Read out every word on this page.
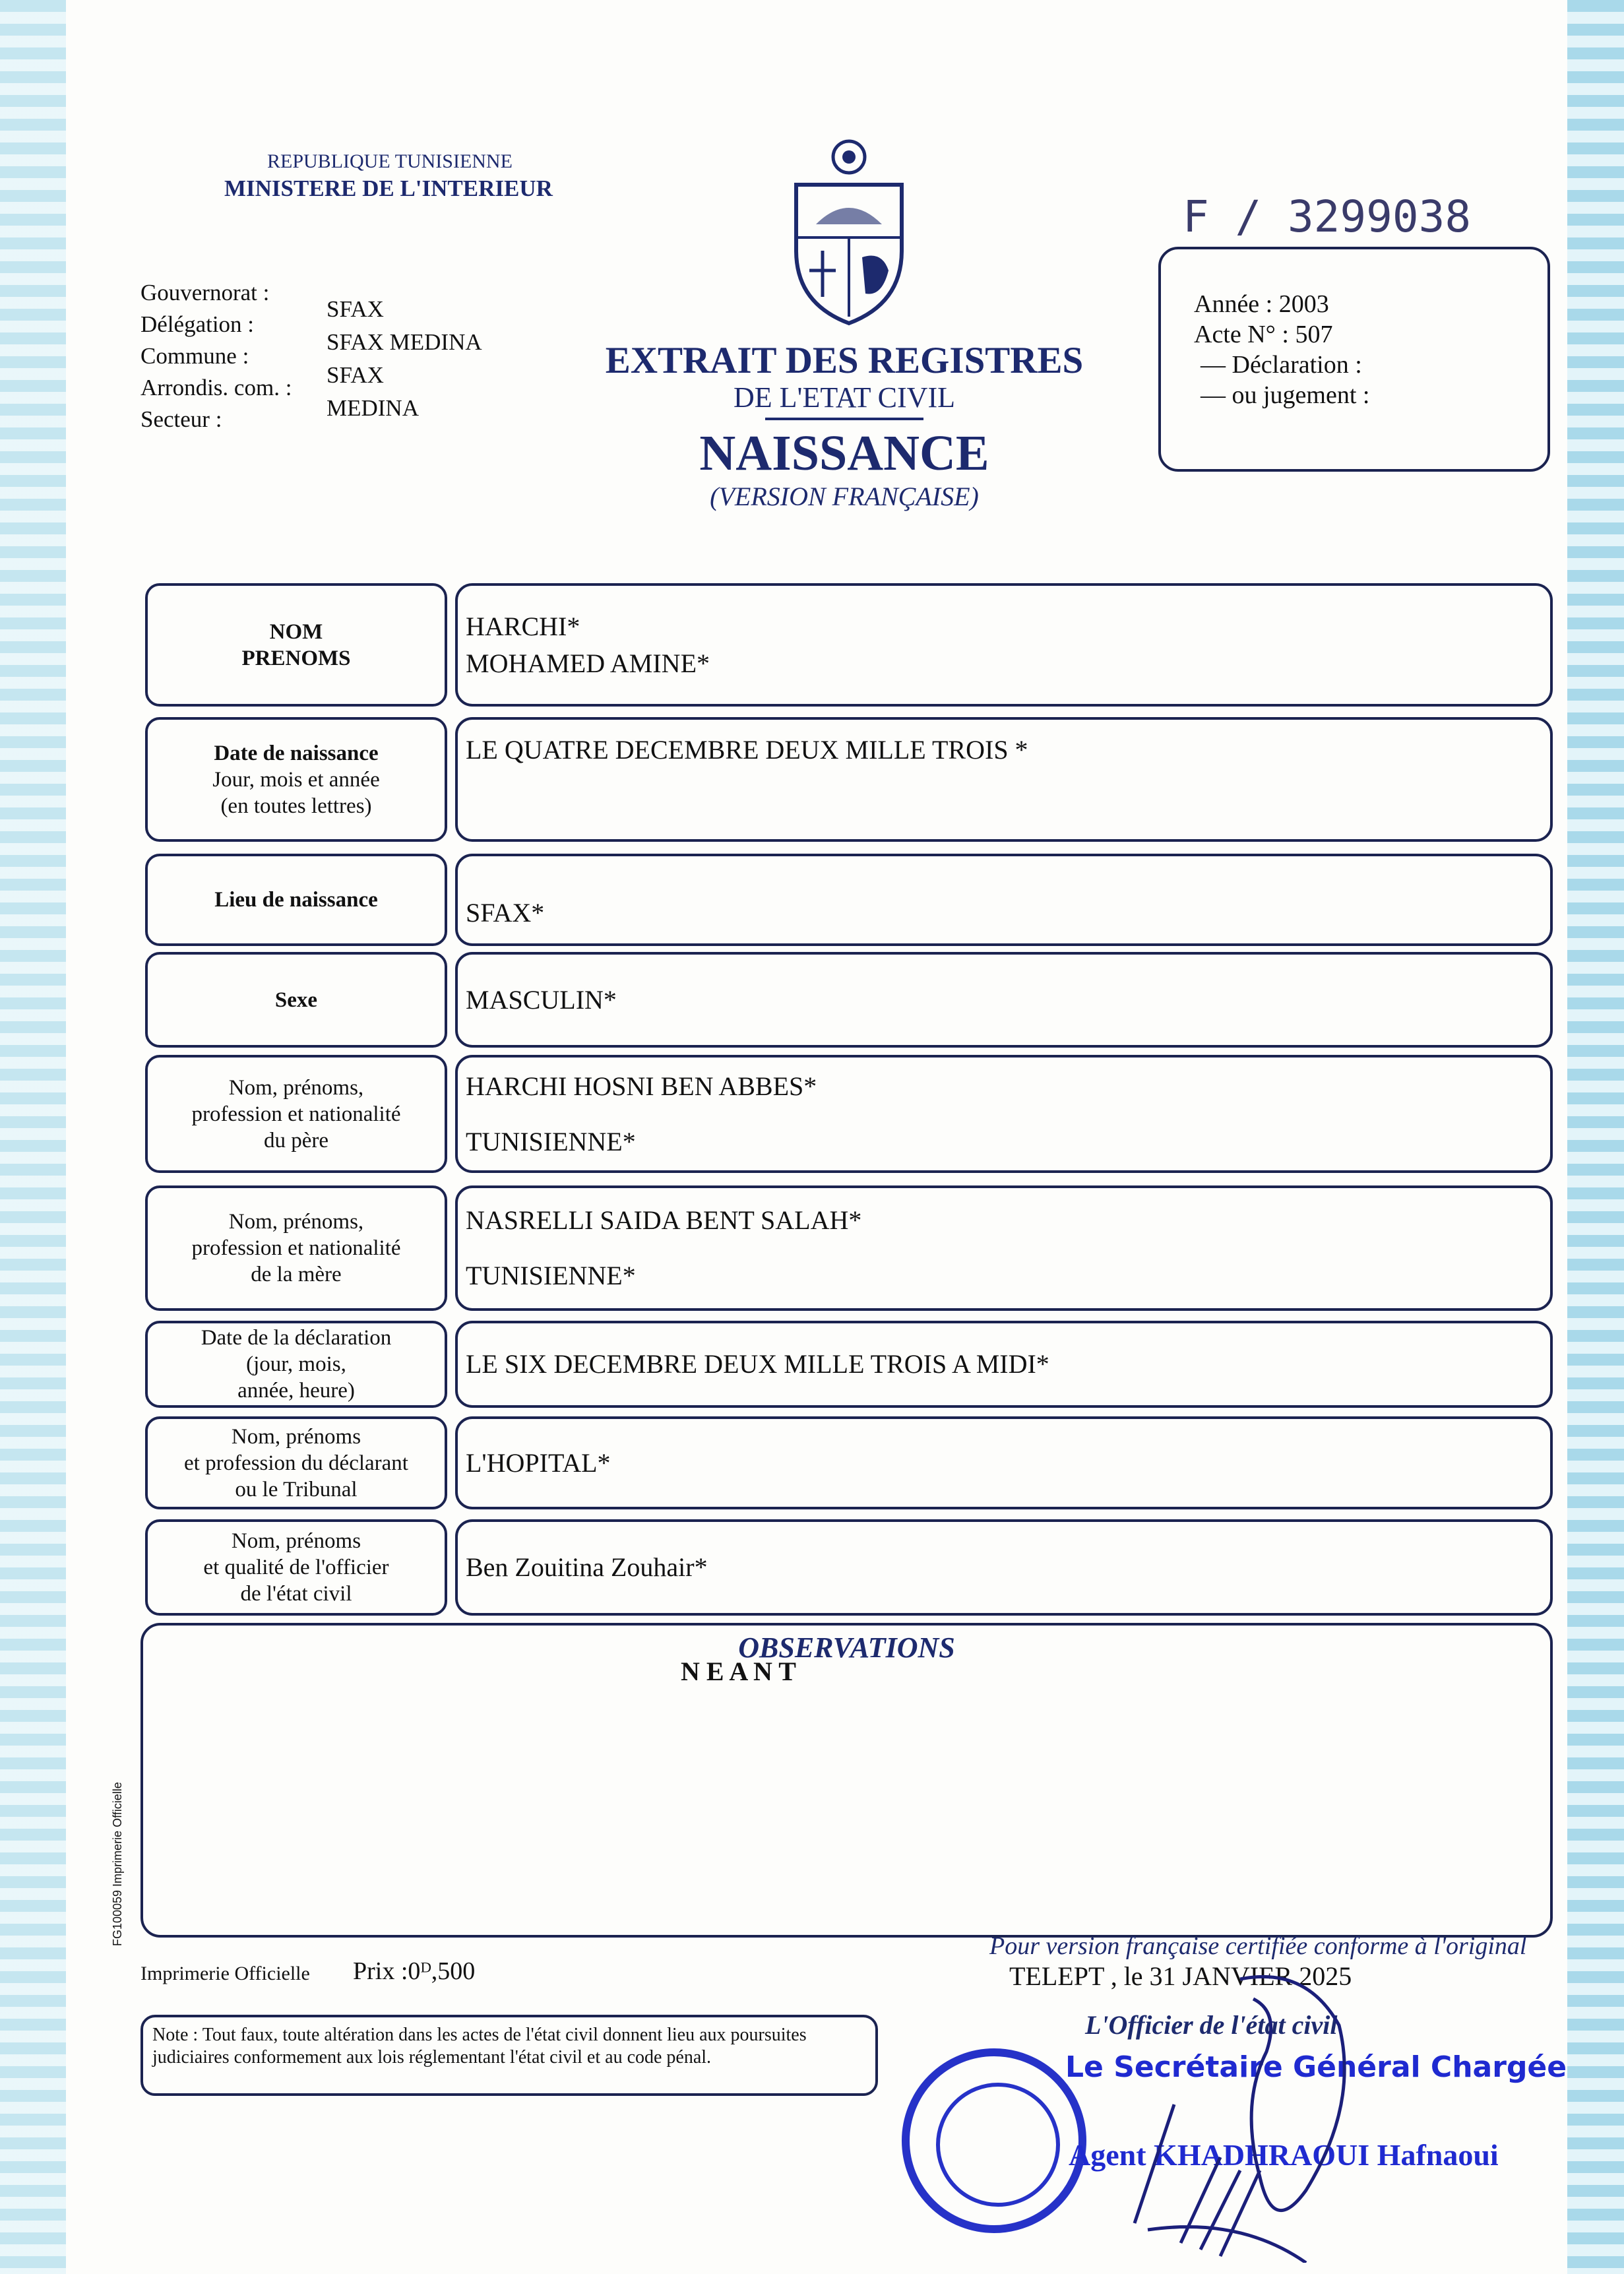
REPUBLIQUE TUNISIENNE
MINISTERE DE L'INTERIEUR
F / 3299038
Année : 2003
Acte N° : 507
— Déclaration :
— ou jugement :
Gouvernorat :
Délégation :
Commune :
Arrondis. com. :
Secteur :
SFAX
SFAX MEDINA
SFAX
MEDINA
EXTRAIT DES REGISTRES
DE L'ETAT CIVIL
NAISSANCE
(VERSION FRANÇAISE)
NOM
PRENOMS
HARCHI*
MOHAMED AMINE*
Date de naissance
Jour, mois et année
(en toutes lettres)
LE QUATRE DECEMBRE DEUX MILLE TROIS *
Lieu de naissance	SFAX*
Sexe	MASCULIN*
Nom, prénoms,
profession et nationalité
du père
HARCHI HOSNI BEN ABBES*
TUNISIENNE*
Nom, prénoms,
profession et nationalité
de la mère
NASRELLI SAIDA BENT SALAH*
TUNISIENNE*
Date de la déclaration
(jour, mois,
année, heure)
LE SIX DECEMBRE DEUX MILLE TROIS A MIDI*
Nom, prénoms
et profession du déclarant
ou le Tribunal
L'HOPITAL*
Nom, prénoms
et qualité de l'officier
de l'état civil
Ben Zouitina Zouhair*
OBSERVATIONS
N E A N T
FG100059 Imprimerie Officielle
Imprimerie Officielle Prix :0ᴰ,500
Note : Tout faux, toute altération dans les actes de l'état civil donnent lieu aux poursuites judiciaires conformement aux lois réglementant l'état civil et au code pénal.
Pour version française certifiée conforme à l'original
TELEPT , le 31 JANVIER 2025
L'Officier de l'état civil
Le Secrétaire Général Chargée
Agent KHADHRAOUI Hafnaoui
